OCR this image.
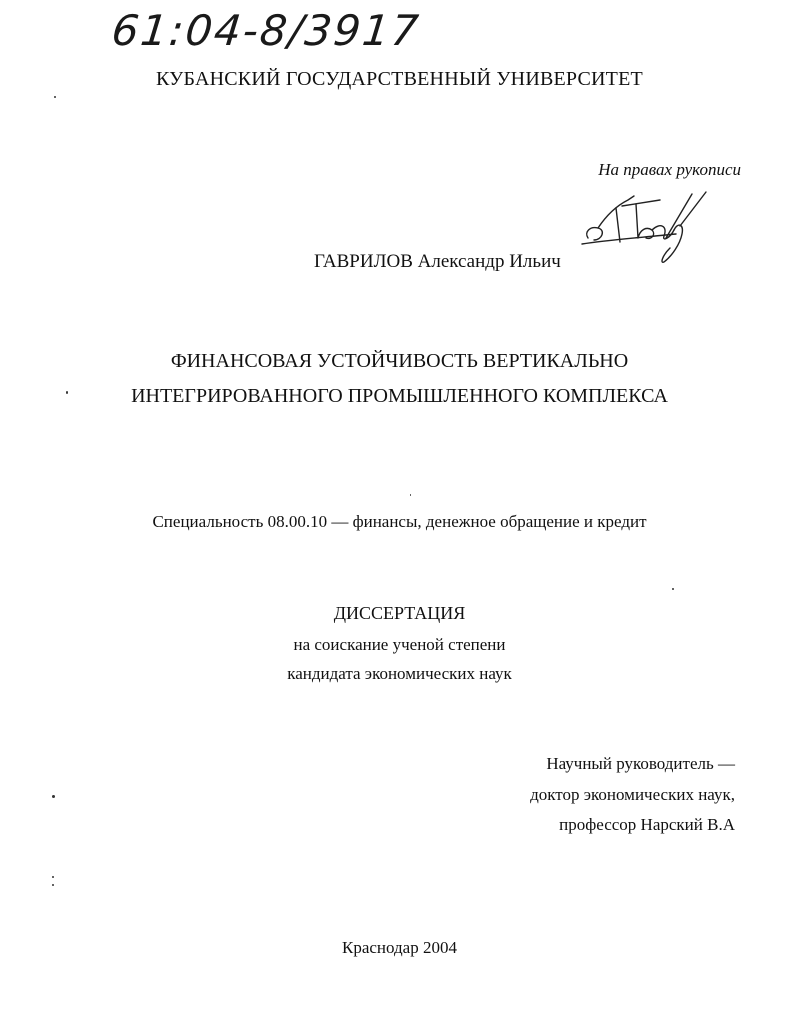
61:04-8/3917
КУБАНСКИЙ ГОСУДАРСТВЕННЫЙ УНИВЕРСИТЕТ
На правах рукописи
ГАВРИЛОВ Александр Ильич
ФИНАНСОВАЯ УСТОЙЧИВОСТЬ ВЕРТИКАЛЬНО
ИНТЕГРИРОВАННОГО ПРОМЫШЛЕННОГО КОМПЛЕКСА
Специальность 08.00.10 — финансы, денежное обращение и кредит
ДИССЕРТАЦИЯ
на соискание ученой степени
кандидата экономических наук
Научный руководитель —
доктор экономических наук,
профессор Нарский В.А
Краснодар 2004
